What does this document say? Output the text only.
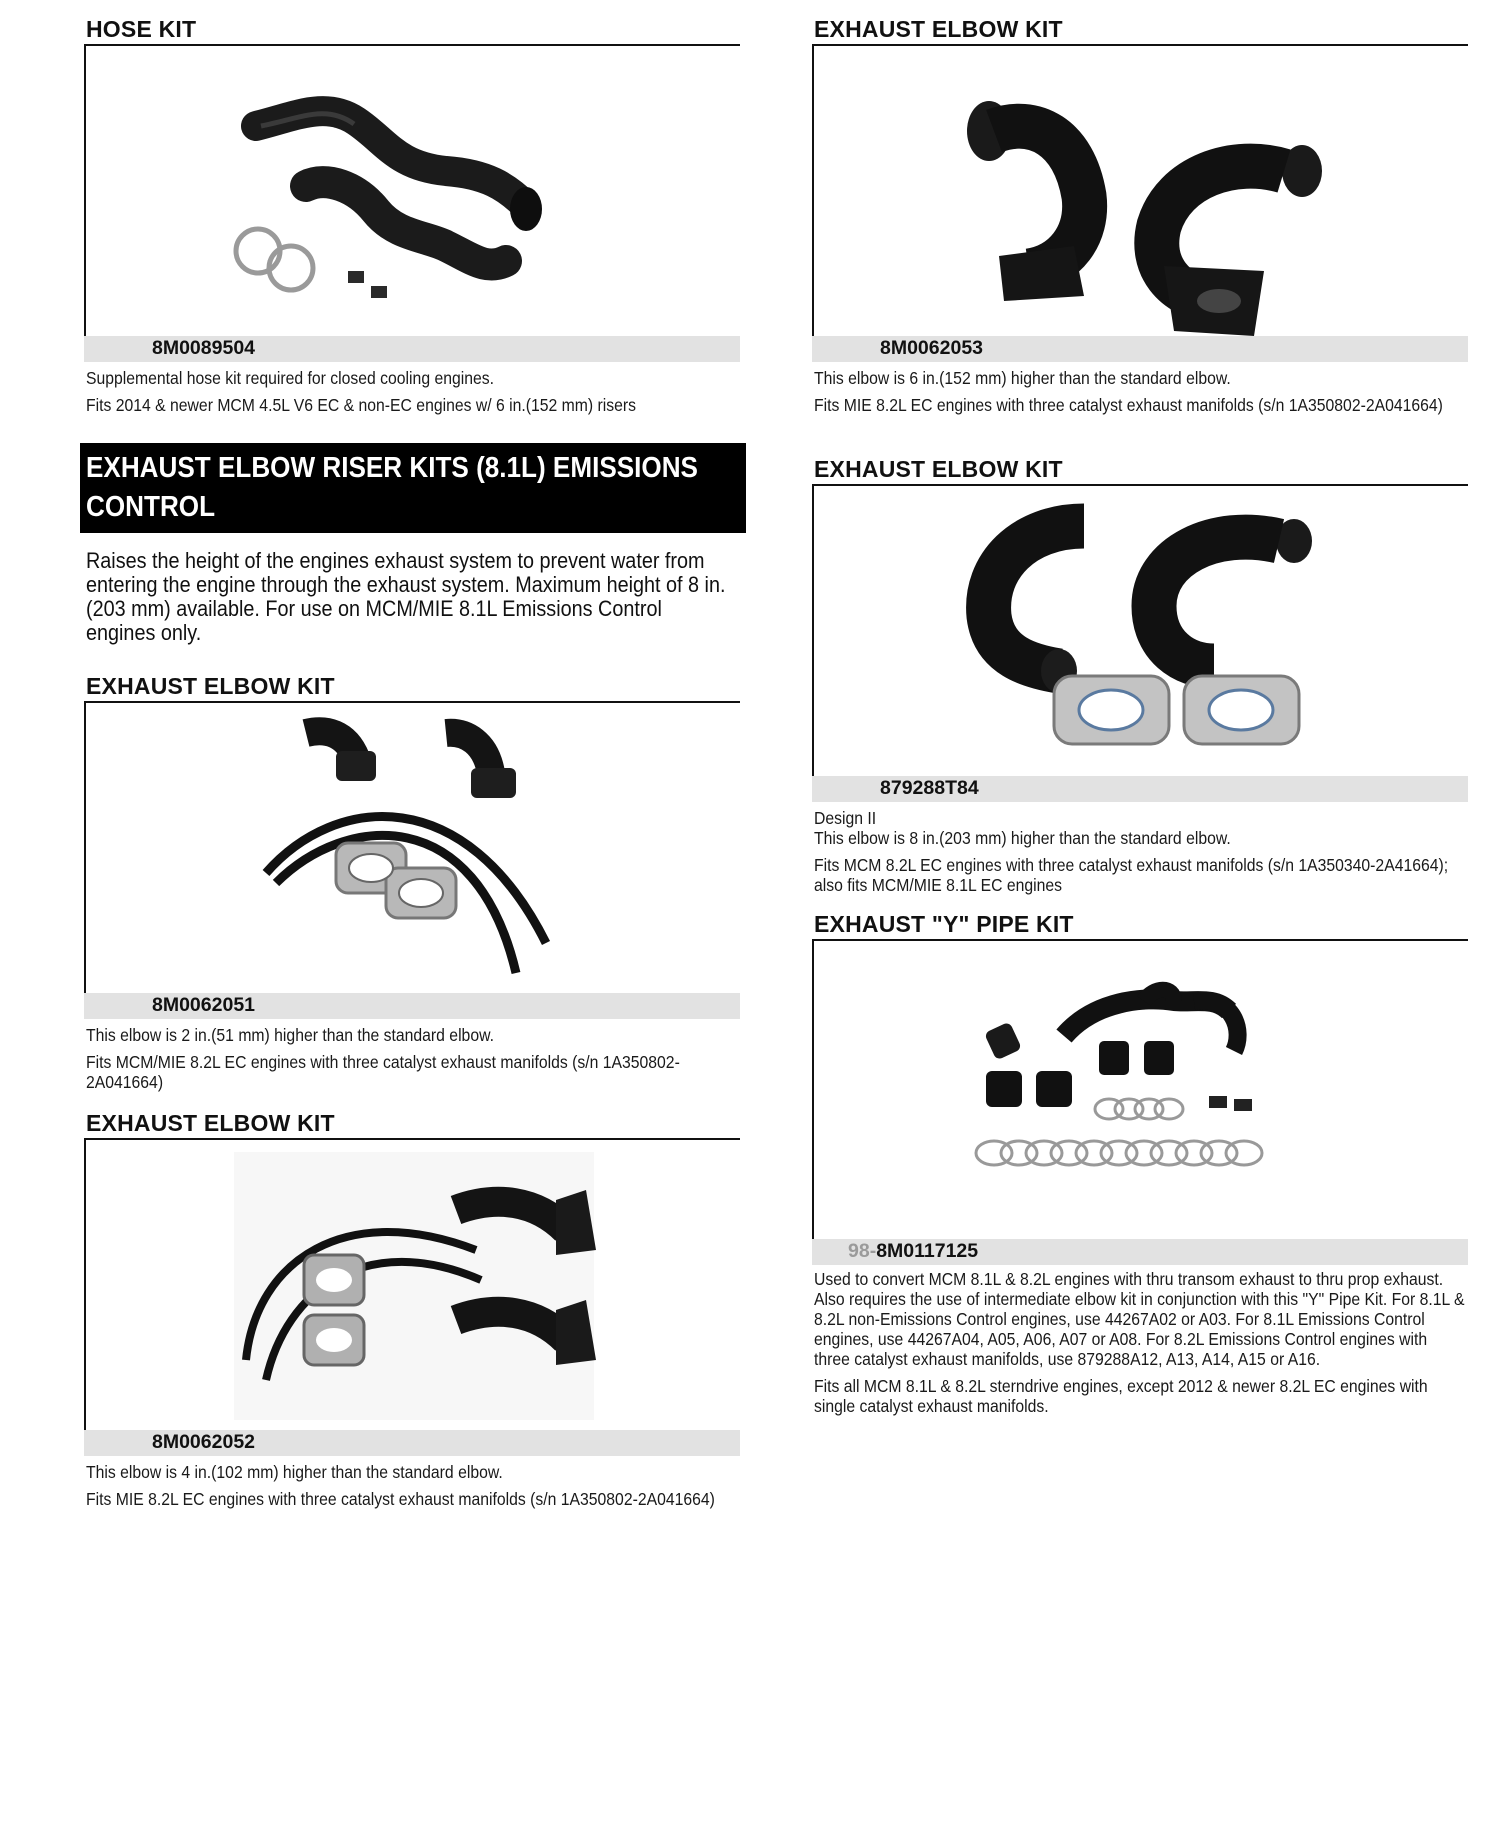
HOSE KIT
8M0089504

Supplemental hose kit required for closed cooling engines.

Fits 2014 & newer MCM 4.5L V6 EC & non-EC engines w/ 6 in.(152 mm) risers

EXHAUST ELBOW RISER KITS (8.1L) EMISSIONS CONTROL
Raises the height of the engines exhaust system to prevent water from entering the engine through the exhaust system. Maximum height of 8 in.(203 mm) available. For use on MCM/MIE 8.1L Emissions Control engines only.
EXHAUST ELBOW KIT
8M0062051

This elbow is 2 in.(51 mm) higher than the standard elbow.

Fits MCM/MIE 8.2L EC engines with three catalyst exhaust manifolds (s/n 1A350802-2A041664)

EXHAUST ELBOW KIT
8M0062052

This elbow is 4 in.(102 mm) higher than the standard elbow.

Fits MIE 8.2L EC engines with three catalyst exhaust manifolds (s/n 1A350802-2A041664)

EXHAUST ELBOW KIT
8M0062053

This elbow is 6 in.(152 mm) higher than the standard elbow.

Fits MIE 8.2L EC engines with three catalyst exhaust manifolds (s/n 1A350802-2A041664)

EXHAUST ELBOW KIT
879288T84

Design II

This elbow is 8 in.(203 mm) higher than the standard elbow.

Fits MCM 8.2L EC engines with three catalyst exhaust manifolds (s/n 1A350340-2A41664); also fits MCM/MIE 8.1L EC engines

EXHAUST "Y" PIPE KIT
98-8M0117125

Used to convert MCM 8.1L & 8.2L engines with thru transom exhaust to thru prop exhaust.

Also requires the use of intermediate elbow kit in conjunction with this "Y" Pipe Kit. For 8.1L & 8.2L non-Emissions Control engines, use 44267A02 or A03. For 8.1L Emissions Control engines, use 44267A04, A05, A06, A07 or A08. For 8.2L Emissions Control engines with three catalyst exhaust manifolds, use 879288A12, A13, A14, A15 or A16.

Fits all MCM 8.1L & 8.2L sterndrive engines, except 2012 & newer 8.2L EC engines with single catalyst exhaust manifolds.
